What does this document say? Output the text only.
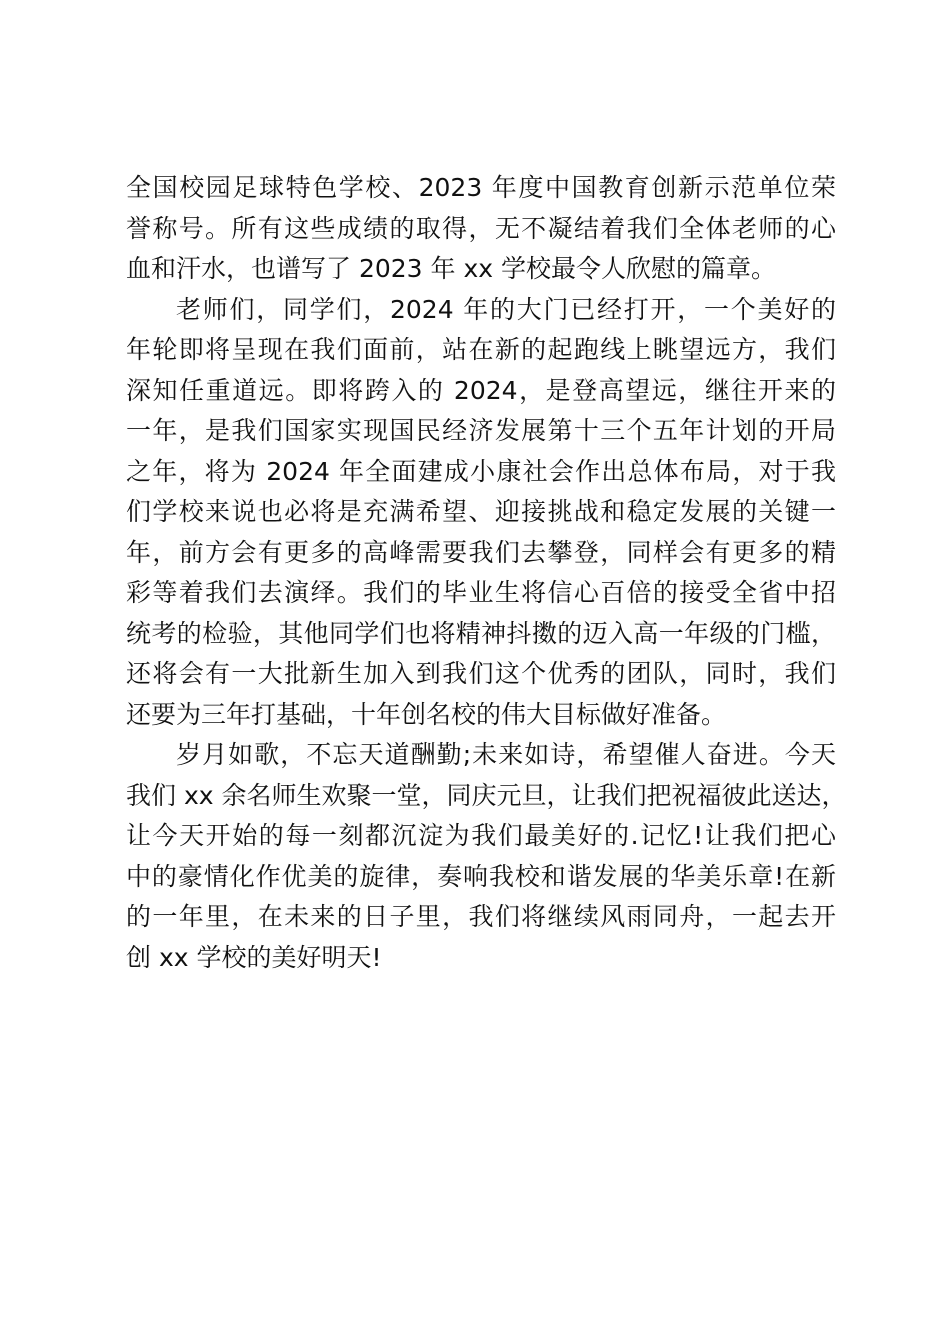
全国校园足球特色学校、2023 年度中国教育创新示范单位荣
誉称号。所有这些成绩的取得，无不凝结着我们全体老师的心
血和汗水，也谱写了 2023 年 xx 学校最令人欣慰的篇章。
老师们，同学们，2024 年的大门已经打开，一个美好的
年轮即将呈现在我们面前，站在新的起跑线上眺望远方，我们
深知任重道远。即将跨入的 2024，是登高望远，继往开来的
一年，是我们国家实现国民经济发展第十三个五年计划的开局
之年，将为 2024 年全面建成小康社会作出总体布局，对于我
们学校来说也必将是充满希望、迎接挑战和稳定发展的关键一
年，前方会有更多的高峰需要我们去攀登，同样会有更多的精
彩等着我们去演绎。我们的毕业生将信心百倍的接受全省中招
统考的检验，其他同学们也将精神抖擞的迈入高一年级的门槛，
还将会有一大批新生加入到我们这个优秀的团队，同时，我们
还要为三年打基础，十年创名校的伟大目标做好准备。
岁月如歌，不忘天道酬勤;未来如诗，希望催人奋进。今天
我们 xx 余名师生欢聚一堂，同庆元旦，让我们把祝福彼此送达，
让今天开始的每一刻都沉淀为我们最美好的.记忆!让我们把心
中的豪情化作优美的旋律，奏响我校和谐发展的华美乐章!在新
的一年里，在未来的日子里，我们将继续风雨同舟，一起去开
创 xx 学校的美好明天!
